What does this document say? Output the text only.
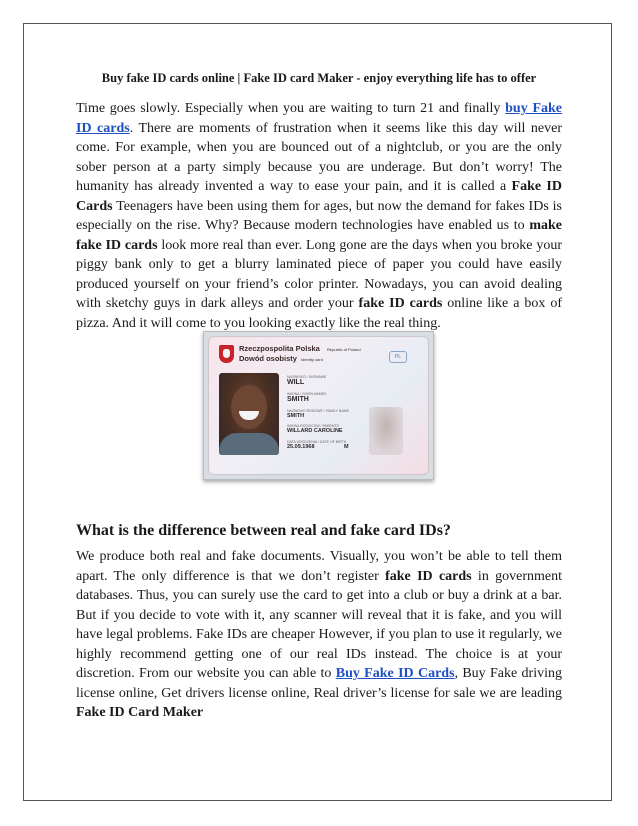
Buy fake ID cards online | Fake ID card Maker - enjoy everything life has to offer

Time goes slowly. Especially when you are waiting to turn 21 and finally buy Fake ID cards. There are moments of frustration when it seems like this day will never come. For example, when you are bounced out of a nightclub, or you are the only sober person at a party simply because you are underage. But don’t worry! The humanity has already invented a way to ease your pain, and it is called a Fake ID Cards Teenagers have been using them for ages, but now the demand for fakes IDs is especially on the rise. Why? Because modern technologies have enabled us to make fake ID cards look more real than ever. Long gone are the days when you broke your piggy bank only to get a blurry laminated piece of paper you could have easily produced yourself on your friend’s color printer. Nowadays, you can avoid dealing with sketchy guys in dark alleys and order your fake ID cards online like a box of pizza. And it will come to you looking exactly like the real thing.

Rzeczpospolita Polska Republic of Poland
Dowód osobisty Identity card	PL
NAZWISKO / SURNAME
WILL
IMIONA / GIVEN NAMES
SMITH
NAZWISKO RODOWE / FAMILY NAME
SMITH
IMIONA RODZICÓW / PARENTS
WILLARD CAROLINE
DATA URODZENIA / DATE OF BIRTH
25.09.1968	M
What is the difference between real and fake card IDs?

We produce both real and fake documents. Visually, you won’t be able to tell them apart. The only difference is that we don’t register fake ID cards in government databases. Thus, you can surely use the card to get into a club or buy a drink at a bar. But if you decide to vote with it, any scanner will reveal that it is fake, and you will have legal problems. Fake IDs are cheaper However, if you plan to use it regularly, we highly recommend getting one of our real IDs instead. The choice is at your discretion. From our website you can able to Buy Fake ID Cards, Buy Fake driving license online, Get drivers license online, Real driver’s license for sale we are leading Fake ID Card Maker
